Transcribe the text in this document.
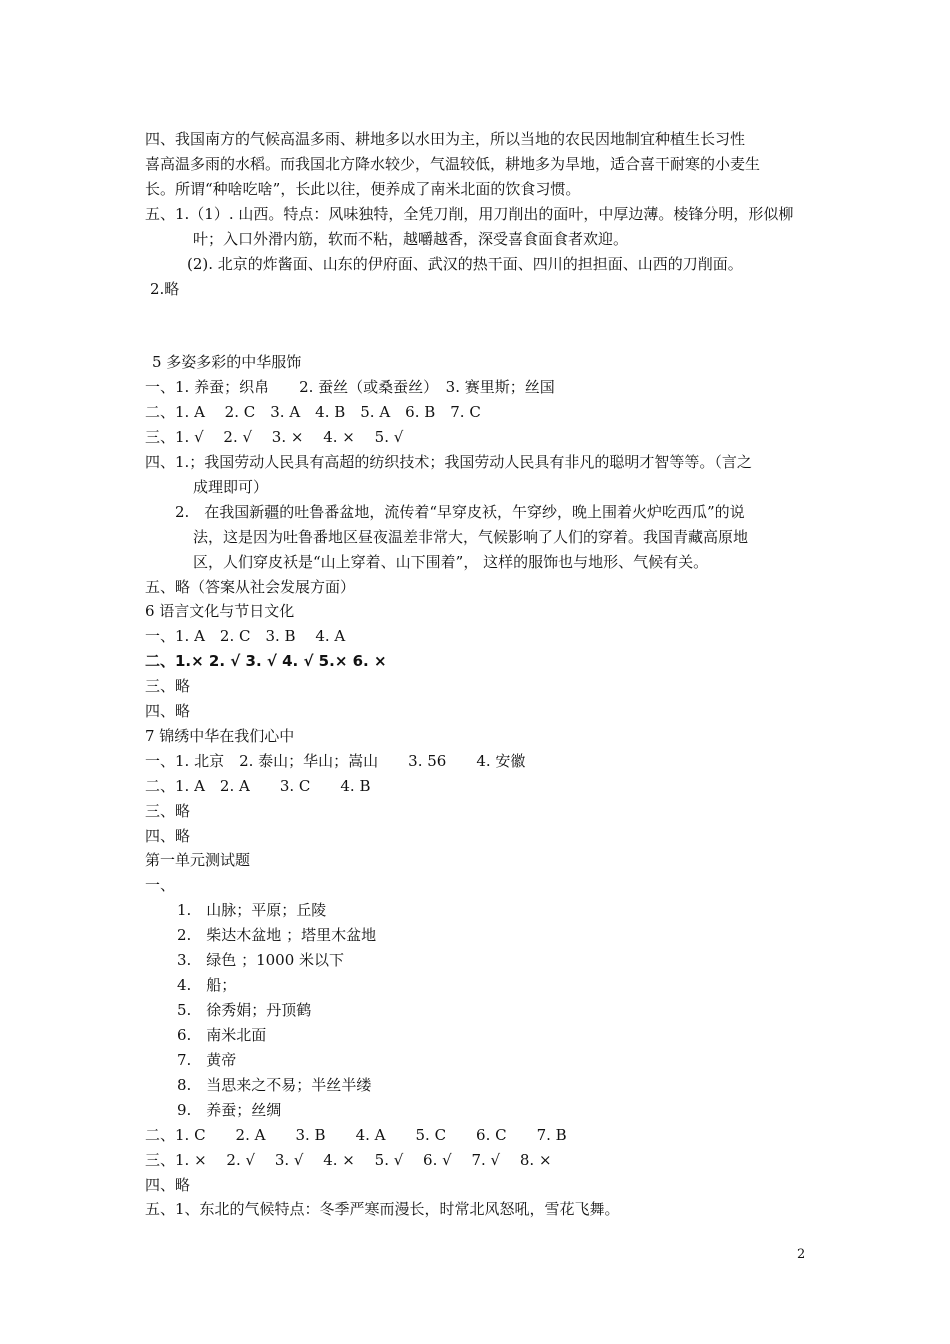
四、我国南方的气候高温多雨、耕地多以水田为主，所以当地的农民因地制宜种植生长习性
喜高温多雨的水稻。而我国北方降水较少，气温较低，耕地多为旱地，适合喜干耐寒的小麦生
长。所谓“种啥吃啥”，长此以往，便养成了南米北面的饮食习惯。
五、1.（1）. 山西。特点：风味独特，全凭刀削，用刀削出的面叶，中厚边薄。棱锋分明，形似柳
叶；入口外滑内筋，软而不粘，越嚼越香，深受喜食面食者欢迎。
(2). 北京的炸酱面、山东的伊府面、武汉的热干面、四川的担担面、山西的刀削面。
2.略
5 多姿多彩的中华服饰
一、1. 养蚕；织帛　　2. 蚕丝（或桑蚕丝）　3. 赛里斯；丝国
二、1. A　 2. C　3. A　4. B　5. A　6. B　7. C
三、1. √　 2. √　 3. ×　 4. ×　 5. √
四、1.；我国劳动人民具有高超的纺织技术；我国劳动人民具有非凡的聪明才智等等。（言之
成理即可）
2.　在我国新疆的吐鲁番盆地，流传着“早穿皮袄，午穿纱，晚上围着火炉吃西瓜”的说
法，这是因为吐鲁番地区昼夜温差非常大，气候影响了人们的穿着。我国青藏高原地
区，人们穿皮袄是“山上穿着、山下围着”， 这样的服饰也与地形、气候有关。
五、略（答案从社会发展方面）
6 语言文化与节日文化
一、1. A　2. C　3. B　 4. A
二、1.× 2. √ 3. √ 4. √ 5.× 6. ×
三、略
四、略
7 锦绣中华在我们心中
一、1. 北京　2. 泰山；华山；嵩山　　3. 56　　4. 安徽
二、1. A　2. A　　3. C　　4. B
三、略
四、略
第一单元测试题
一、
1.　山脉；平原；丘陵
2.　柴达木盆地 ；塔里木盆地
3.　绿色 ；1000 米以下
4.　船；
5.　徐秀娟；丹顶鹤
6.　南米北面
7.　黄帝
8.　当思来之不易；半丝半缕
9.　养蚕；丝绸
二、1. C　　2. A　　3. B　　4. A　　5. C　　6. C　　7. B
三、1. ×　 2. √　 3. √　 4. ×　 5. √　 6. √　 7. √　 8. ×
四、略
五、1、东北的气候特点：冬季严寒而漫长，时常北风怒吼，雪花飞舞。
2
